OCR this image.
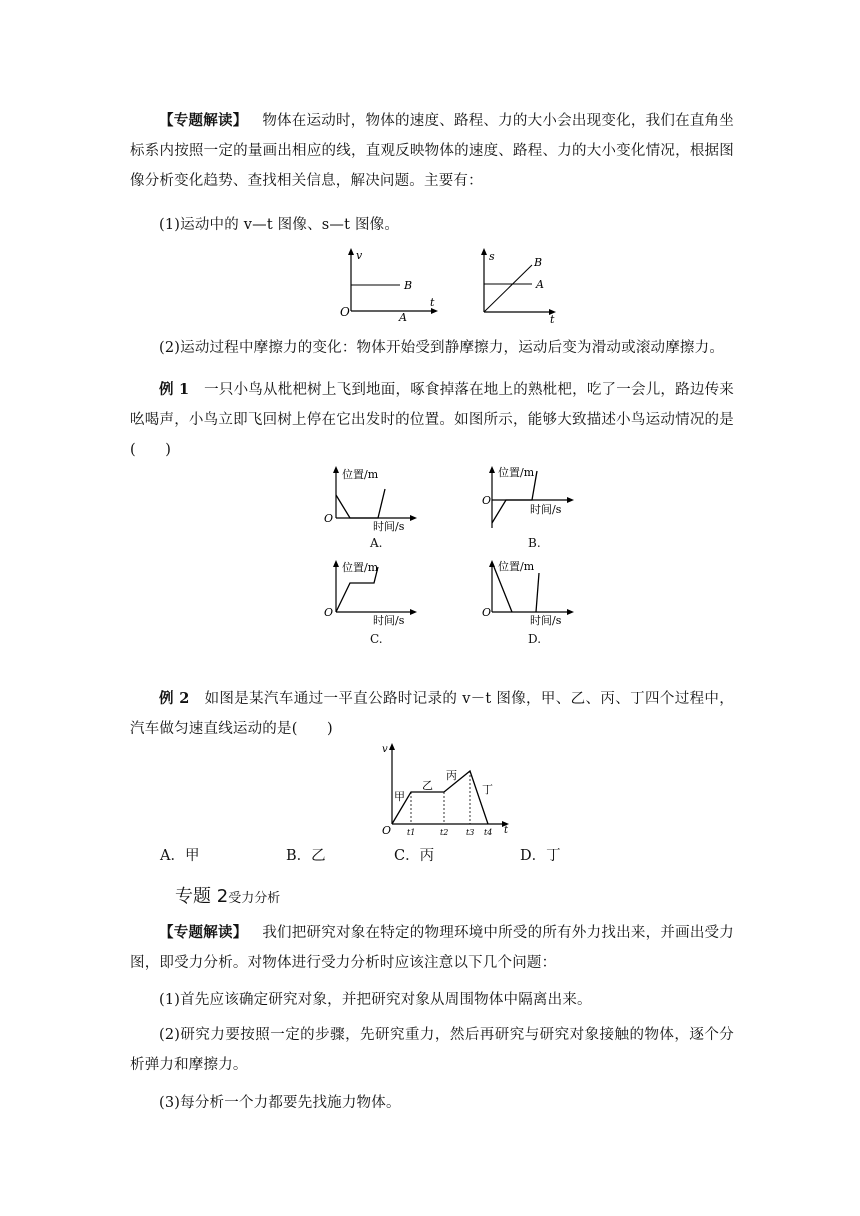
【专题解读】 物体在运动时，物体的速度、路程、力的大小会出现变化，我们在直角坐标系内按照一定的量画出相应的线，直观反映物体的速度、路程、力的大小变化情况，根据图像分析变化趋势、查找相关信息，解决问题。主要有：
(1)运动中的 v—t 图像、s—t 图像。
v
t
O
B
A
s
t
B
A
(2)运动过程中摩擦力的变化：物体开始受到静摩擦力，运动后变为滑动或滚动摩擦力。
例 1 一只小鸟从枇杷树上飞到地面，啄食掉落在地上的熟枇杷，吃了一会儿，路边传来吆喝声，小鸟立即飞回树上停在它出发时的位置。如图所示，能够大致描述小鸟运动情况的是(　　)
位置/m
时间/s
O
A.
位置/m
时间/s
O
B.
位置/m
时间/s
O
C.
位置/m
时间/s
O
D.
例 2 如图是某汽车通过一平直公路时记录的 v－t 图像，甲、乙、丙、丁四个过程中，汽车做匀速直线运动的是(　　)
v
t
O
甲
乙
丙
丁
t1	t2 t3 t4
A．甲	B．乙	C．丙	D．丁
专题 2受力分析
【专题解读】 我们把研究对象在特定的物理环境中所受的所有外力找出来，并画出受力图，即受力分析。对物体进行受力分析时应该注意以下几个问题：
(1)首先应该确定研究对象，并把研究对象从周围物体中隔离出来。
(2)研究力要按照一定的步骤，先研究重力，然后再研究与研究对象接触的物体，逐个分析弹力和摩擦力。
(3)每分析一个力都要先找施力物体。
